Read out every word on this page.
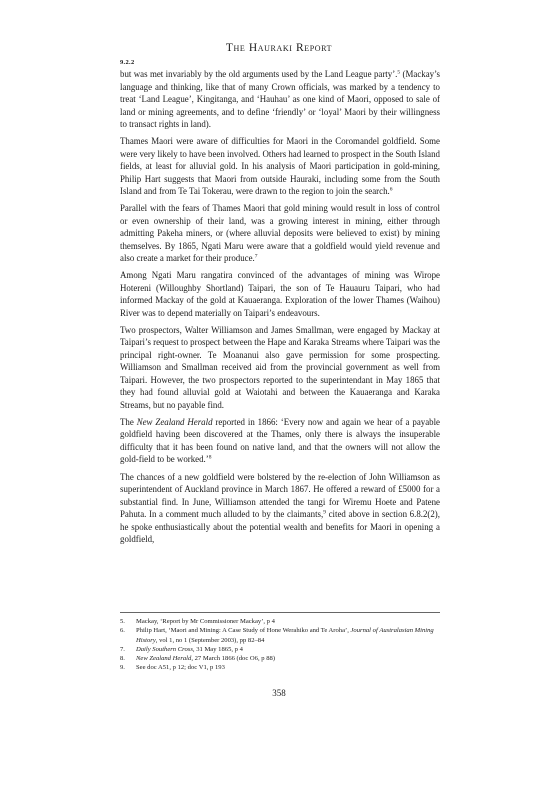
The Hauraki Report
9.2.2

but was met invariably by the old arguments used by the Land League party’.$^5$ (Mackay’s language and thinking, like that of many Crown officials, was marked by a tendency to treat ‘Land League’, Kingitanga, and ‘Hauhau’ as one kind of Maori, opposed to sale of land or mining agreements, and to define ‘friendly’ or ‘loyal’ Maori by their willingness to transact rights in land).

Thames Maori were aware of difficulties for Maori in the Coromandel goldfield. Some were very likely to have been involved. Others had learned to prospect in the South Island fields, at least for alluvial gold. In his analysis of Maori participation in gold-mining, Philip Hart suggests that Maori from outside Hauraki, including some from the South Island and from Te Tai Tokerau, were drawn to the region to join the search.$^6$

Parallel with the fears of Thames Maori that gold mining would result in loss of control or even ownership of their land, was a growing interest in mining, either through admitting Pakeha miners, or (where alluvial deposits were believed to exist) by mining themselves. By 1865, Ngati Maru were aware that a goldfield would yield revenue and also create a market for their produce.$^7$

Among Ngati Maru rangatira convinced of the advantages of mining was Wirope Hotereni (Willoughby Shortland) Taipari, the son of Te Hauauru Taipari, who had informed Mackay of the gold at Kauaeranga. Exploration of the lower Thames (Waihou) River was to depend materially on Taipari’s endeavours.

Two prospectors, Walter Williamson and James Smallman, were engaged by Mackay at Taipari’s request to prospect between the Hape and Karaka Streams where Taipari was the principal right-owner. Te Moananui also gave permission for some prospecting. Williamson and Smallman received aid from the provincial government as well from Taipari. However, the two prospectors reported to the superintendant in May 1865 that they had found alluvial gold at Waiotahi and between the Kauaeranga and Karaka Streams, but no payable find.

The New Zealand Herald reported in 1866: ‘Every now and again we hear of a payable goldfield having been discovered at the Thames, only there is always the insuperable difficulty that it has been found on native land, and that the owners will not allow the gold-field to be worked.’$^8$

The chances of a new goldfield were bolstered by the re-election of John Williamson as superintendent of Auckland province in March 1867. He offered a reward of £5000 for a substantial find. In June, Williamson attended the tangi for Wiremu Hoete and Patene Pahuta. In a comment much alluded to by the claimants,$^9$ cited above in section 6.8.2(2), he spoke enthusiastically about the potential wealth and benefits for Maori in opening a goldfield,

5. Mackay, ‘Report by Mr Commissioner Mackay’, p 4

6. Philip Hart, ‘Maori and Mining: A Case Study of Hone Werahiko and Te Aroha’, Journal of Australasian Mining History, vol 1, no 1 (September 2003), pp 82–84

7. Daily Southern Cross, 31 May 1865, p 4

8. New Zealand Herald, 27 March 1866 (doc O6, p 88)

9. See doc A51, p 12; doc V1, p 193

358
